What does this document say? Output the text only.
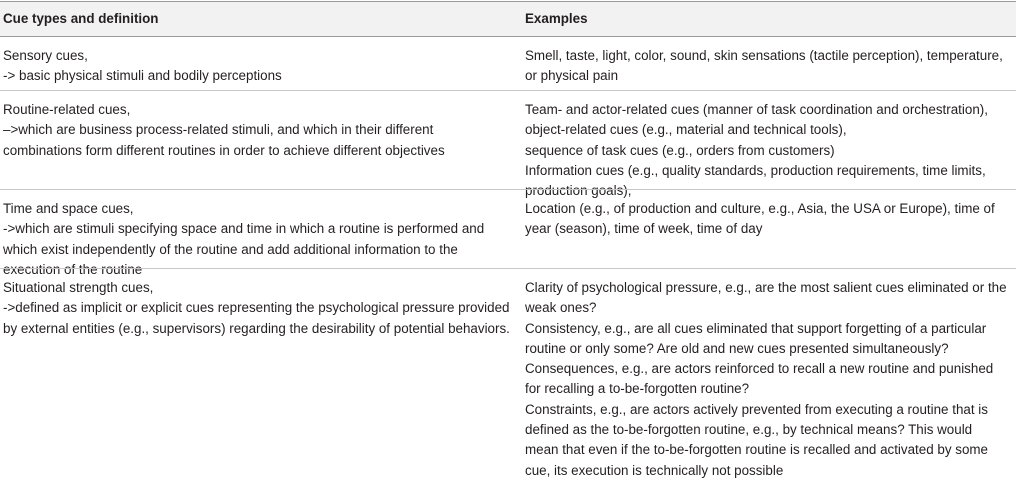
Cue types and definition	Examples
Sensory cues,
-> basic physical stimuli and bodily perceptions
Smell, taste, light, color, sound, skin sensations (tactile perception), temperature,
or physical pain
Routine-related cues,
–>which are business process-related stimuli, and which in their different
combinations form different routines in order to achieve different objectives
Team- and actor-related cues (manner of task coordination and orchestration),
object-related cues (e.g., material and technical tools),
sequence of task cues (e.g., orders from customers)
Information cues (e.g., quality standards, production requirements, time limits,
production goals),
Time and space cues,
->which are stimuli specifying space and time in which a routine is performed and
which exist independently of the routine and add additional information to the
execution of the routine
Location (e.g., of production and culture, e.g., Asia, the USA or Europe), time of
year (season), time of week, time of day
Situational strength cues,
->defined as implicit or explicit cues representing the psychological pressure provided
by external entities (e.g., supervisors) regarding the desirability of potential behaviors.
Clarity of psychological pressure, e.g., are the most salient cues eliminated or the
weak ones?
Consistency, e.g., are all cues eliminated that support forgetting of a particular
routine or only some? Are old and new cues presented simultaneously?
Consequences, e.g., are actors reinforced to recall a new routine and punished
for recalling a to-be-forgotten routine?
Constraints, e.g., are actors actively prevented from executing a routine that is
defined as the to-be-forgotten routine, e.g., by technical means? This would
mean that even if the to-be-forgotten routine is recalled and activated by some
cue, its execution is technically not possible
